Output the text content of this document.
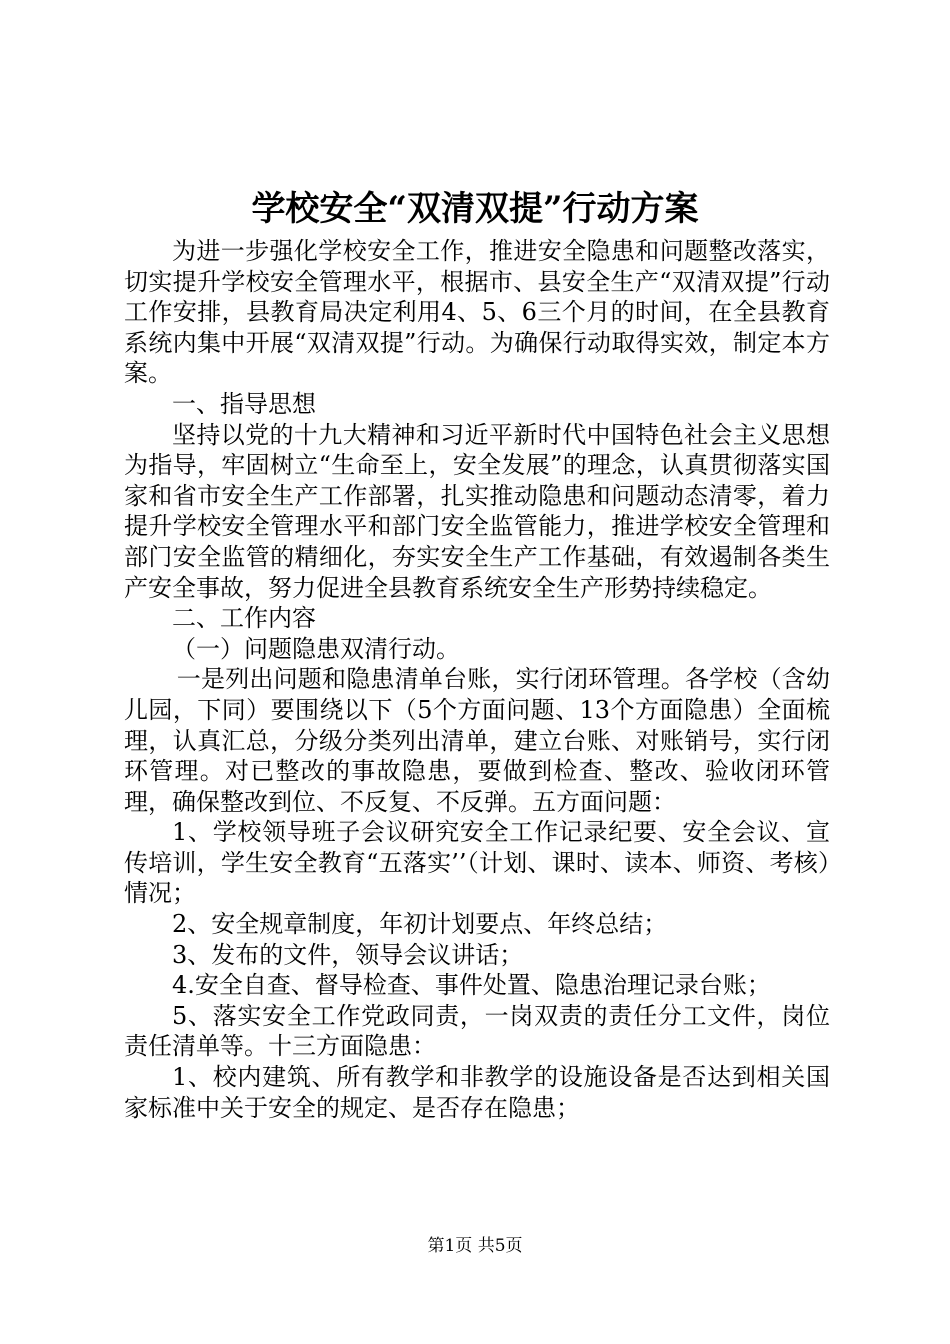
学校安全“双清双提”行动方案

为进一步强化学校安全工作，推进安全隐患和问题整改落实，切实提升学校安全管理水平，根据市、县安全生产“双清双提”行动工作安排，县教育局决定利用4、5、6三个月的时间，在全县教育系统内集中开展“双清双提”行动。为确保行动取得实效，制定本方案。

一、指导思想

坚持以党的十九大精神和习近平新时代中国特色社会主义思想为指导，牢固树立“生命至上，安全发展”的理念，认真贯彻落实国家和省市安全生产工作部署，扎实推动隐患和问题动态清零，着力提升学校安全管理水平和部门安全监管能力，推进学校安全管理和部门安全监管的精细化，夯实安全生产工作基础，有效遏制各类生产安全事故，努力促进全县教育系统安全生产形势持续稳定。

二、工作内容

（一）问题隐患双清行动。

一是列出问题和隐患清单台账，实行闭环管理。各学校（含幼儿园，下同）要围绕以下（5个方面问题、13个方面隐患）全面梳理，认真汇总，分级分类列出清单，建立台账、对账销号，实行闭环管理。对已整改的事故隐患，要做到检查、整改、验收闭环管理，确保整改到位、不反复、不反弹。五方面问题：

1、学校领导班子会议研究安全工作记录纪要、安全会议、宣传培训，学生安全教育“五落实’’（计划、课时、读本、师资、考核）情况；

2、安全规章制度，年初计划要点、年终总结；

3、发布的文件，领导会议讲话；

4.安全自查、督导检查、事件处置、隐患治理记录台账；

5、落实安全工作党政同责，一岗双责的责任分工文件，岗位责任清单等。十三方面隐患：

1、校内建筑、所有教学和非教学的设施设备是否达到相关国家标准中关于安全的规定、是否存在隐患；

第1页 共5页
